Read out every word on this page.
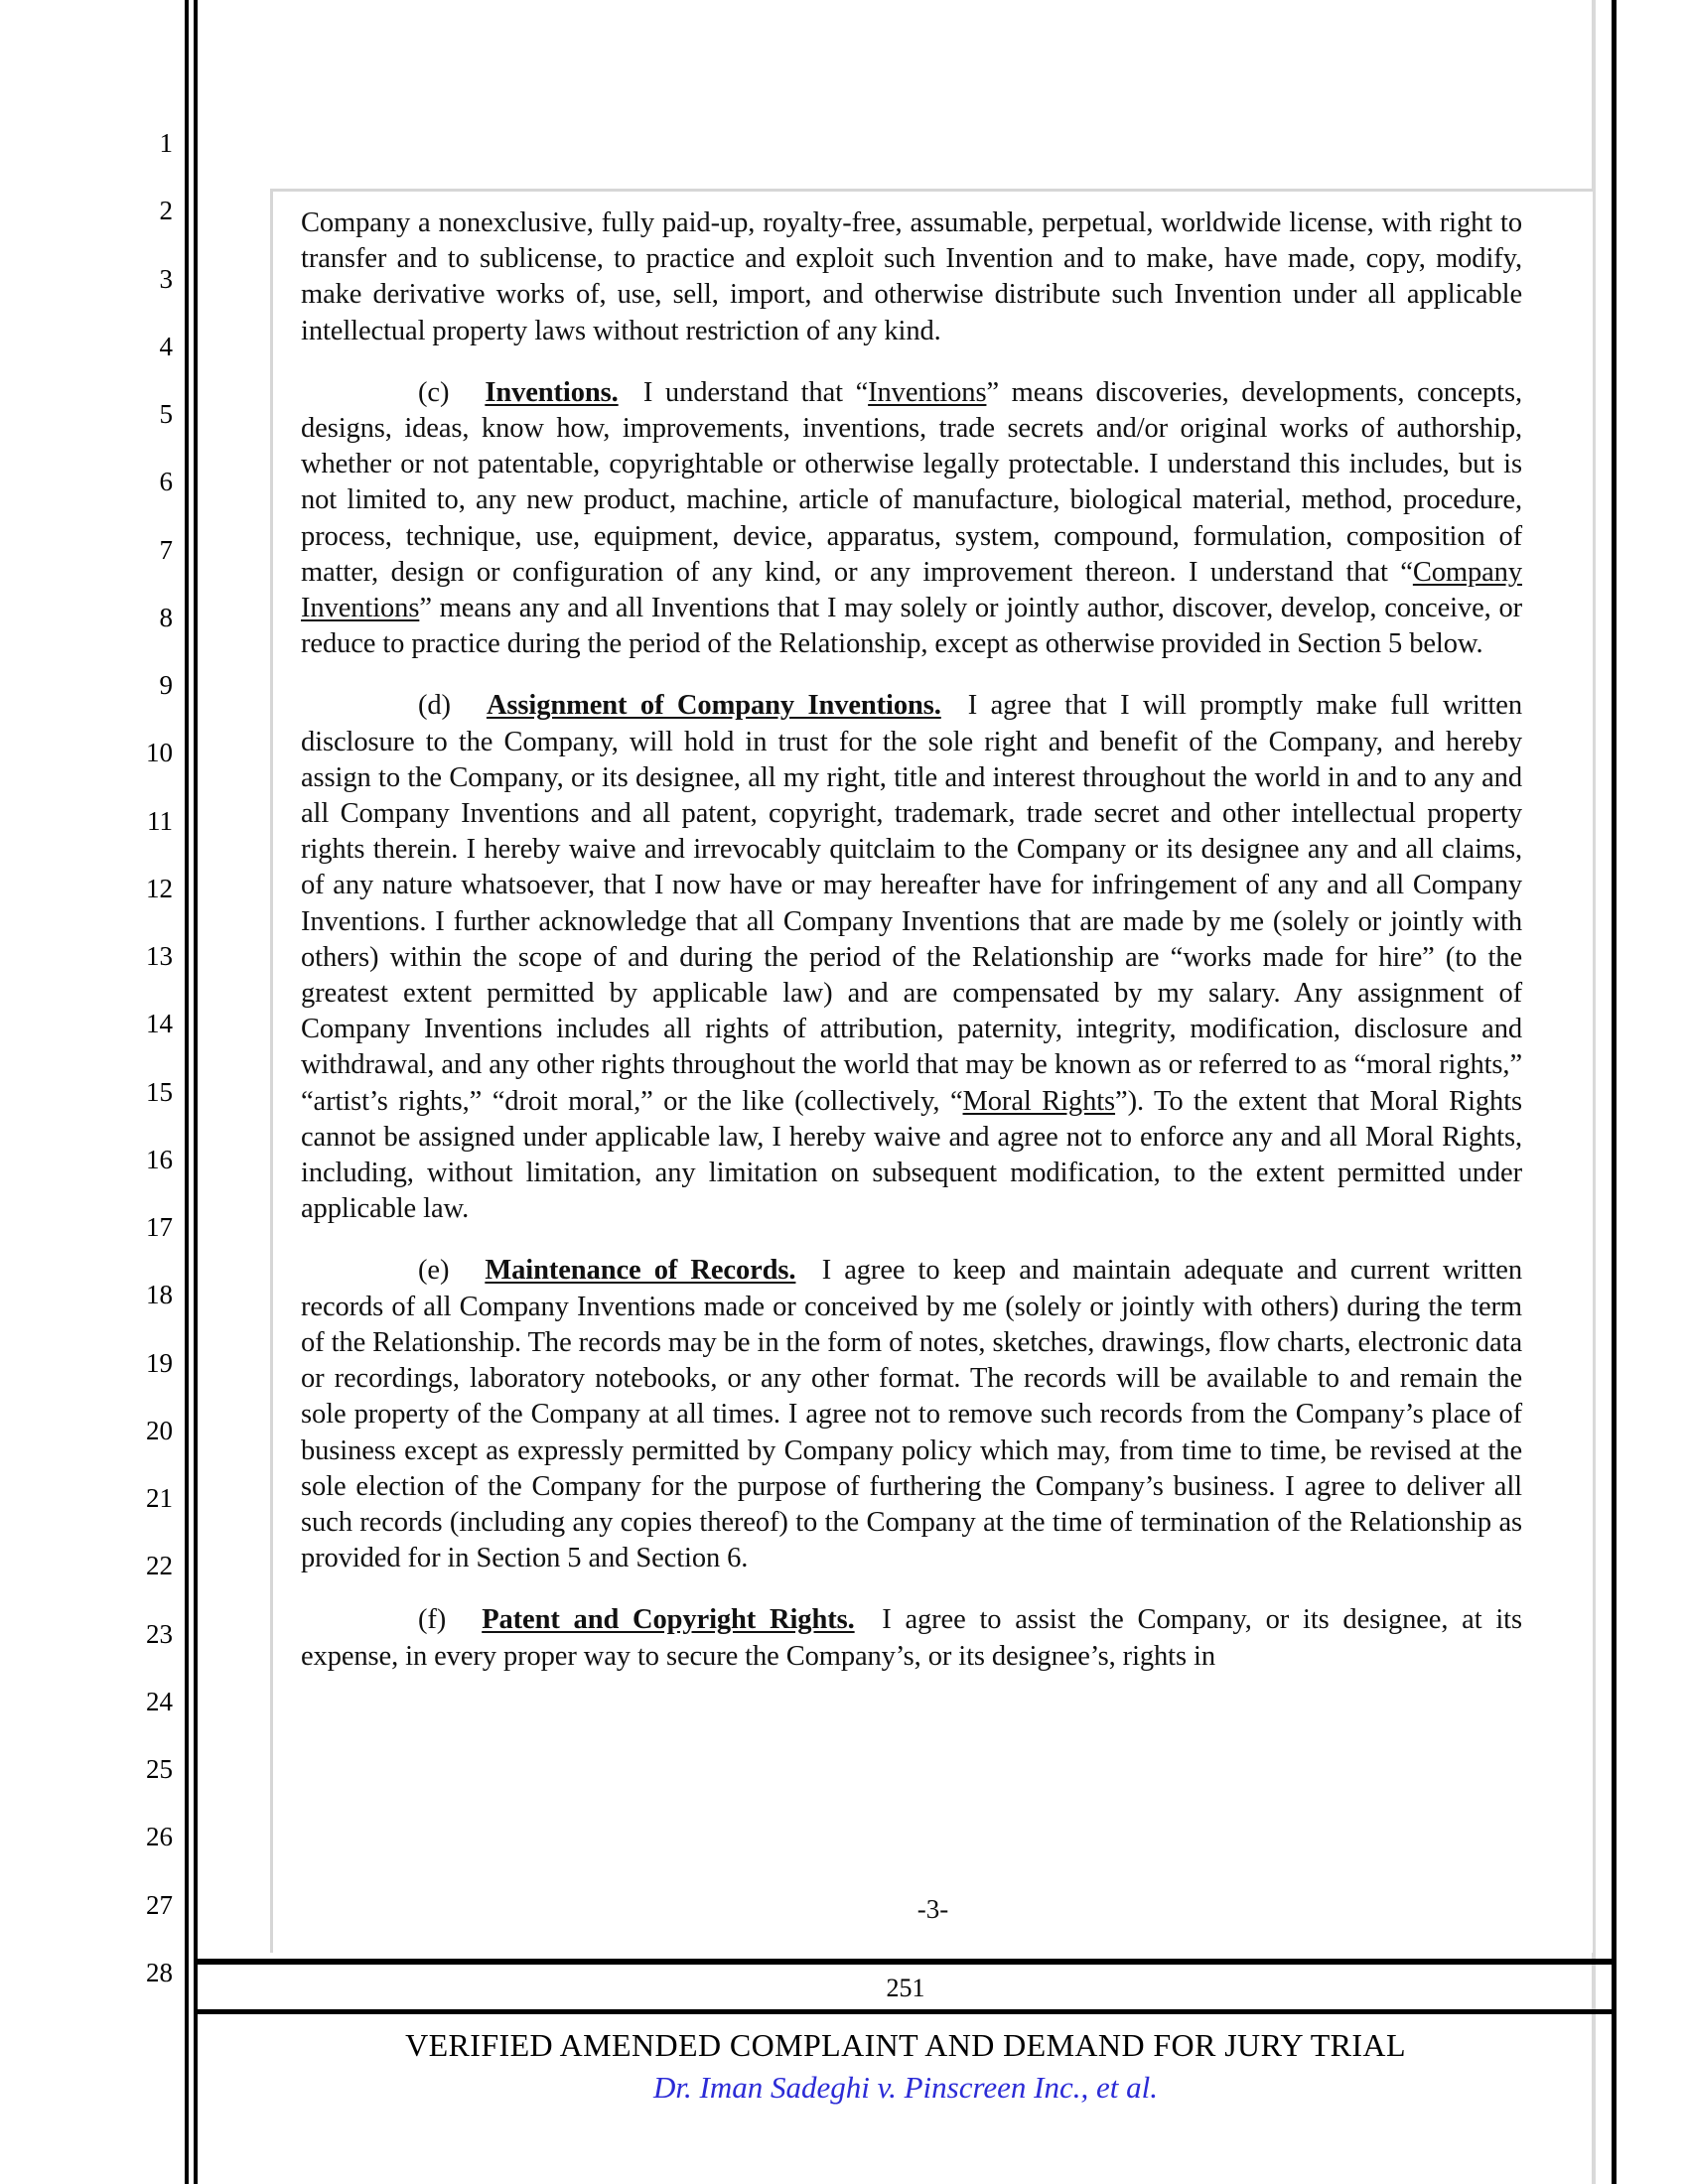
1
2
3
4
5
6
7
8
9
10
11
12
13
14
15
16
17
18
19
20
21
22
23
24
25
26
27
28

Company a nonexclusive, fully paid-up, royalty-free, assumable, perpetual, worldwide license, with right to transfer and to sublicense, to practice and exploit such Invention and to make, have made, copy, modify, make derivative works of, use, sell, import, and otherwise distribute such Invention under all applicable intellectual property laws without restriction of any kind.

(c) Inventions. I understand that “Inventions” means discoveries, developments, concepts, designs, ideas, know how, improvements, inventions, trade secrets and/or original works of authorship, whether or not patentable, copyrightable or otherwise legally protectable. I understand this includes, but is not limited to, any new product, machine, article of manufacture, biological material, method, procedure, process, technique, use, equipment, device, apparatus, system, compound, formulation, composition of matter, design or configuration of any kind, or any improvement thereon. I understand that “Company Inventions” means any and all Inventions that I may solely or jointly author, discover, develop, conceive, or reduce to practice during the period of the Relationship, except as otherwise provided in Section 5 below.

(d) Assignment of Company Inventions. I agree that I will promptly make full written disclosure to the Company, will hold in trust for the sole right and benefit of the Company, and hereby assign to the Company, or its designee, all my right, title and interest throughout the world in and to any and all Company Inventions and all patent, copyright, trademark, trade secret and other intellectual property rights therein. I hereby waive and irrevocably quitclaim to the Company or its designee any and all claims, of any nature whatsoever, that I now have or may hereafter have for infringement of any and all Company Inventions. I further acknowledge that all Company Inventions that are made by me (solely or jointly with others) within the scope of and during the period of the Relationship are “works made for hire” (to the greatest extent permitted by applicable law) and are compensated by my salary. Any assignment of Company Inventions includes all rights of attribution, paternity, integrity, modification, disclosure and withdrawal, and any other rights throughout the world that may be known as or referred to as “moral rights,” “artist’s rights,” “droit moral,” or the like (collectively, “Moral Rights”). To the extent that Moral Rights cannot be assigned under applicable law, I hereby waive and agree not to enforce any and all Moral Rights, including, without limitation, any limitation on subsequent modification, to the extent permitted under applicable law.

(e) Maintenance of Records. I agree to keep and maintain adequate and current written records of all Company Inventions made or conceived by me (solely or jointly with others) during the term of the Relationship. The records may be in the form of notes, sketches, drawings, flow charts, electronic data or recordings, laboratory notebooks, or any other format. The records will be available to and remain the sole property of the Company at all times. I agree not to remove such records from the Company’s place of business except as expressly permitted by Company policy which may, from time to time, be revised at the sole election of the Company for the purpose of furthering the Company’s business. I agree to deliver all such records (including any copies thereof) to the Company at the time of termination of the Relationship as provided for in Section 5 and Section 6.

(f) Patent and Copyright Rights. I agree to assist the Company, or its designee, at its expense, in every proper way to secure the Company’s, or its designee’s, rights in

-3-
251
VERIFIED AMENDED COMPLAINT AND DEMAND FOR JURY TRIAL
Dr. Iman Sadeghi v. Pinscreen Inc., et al.
